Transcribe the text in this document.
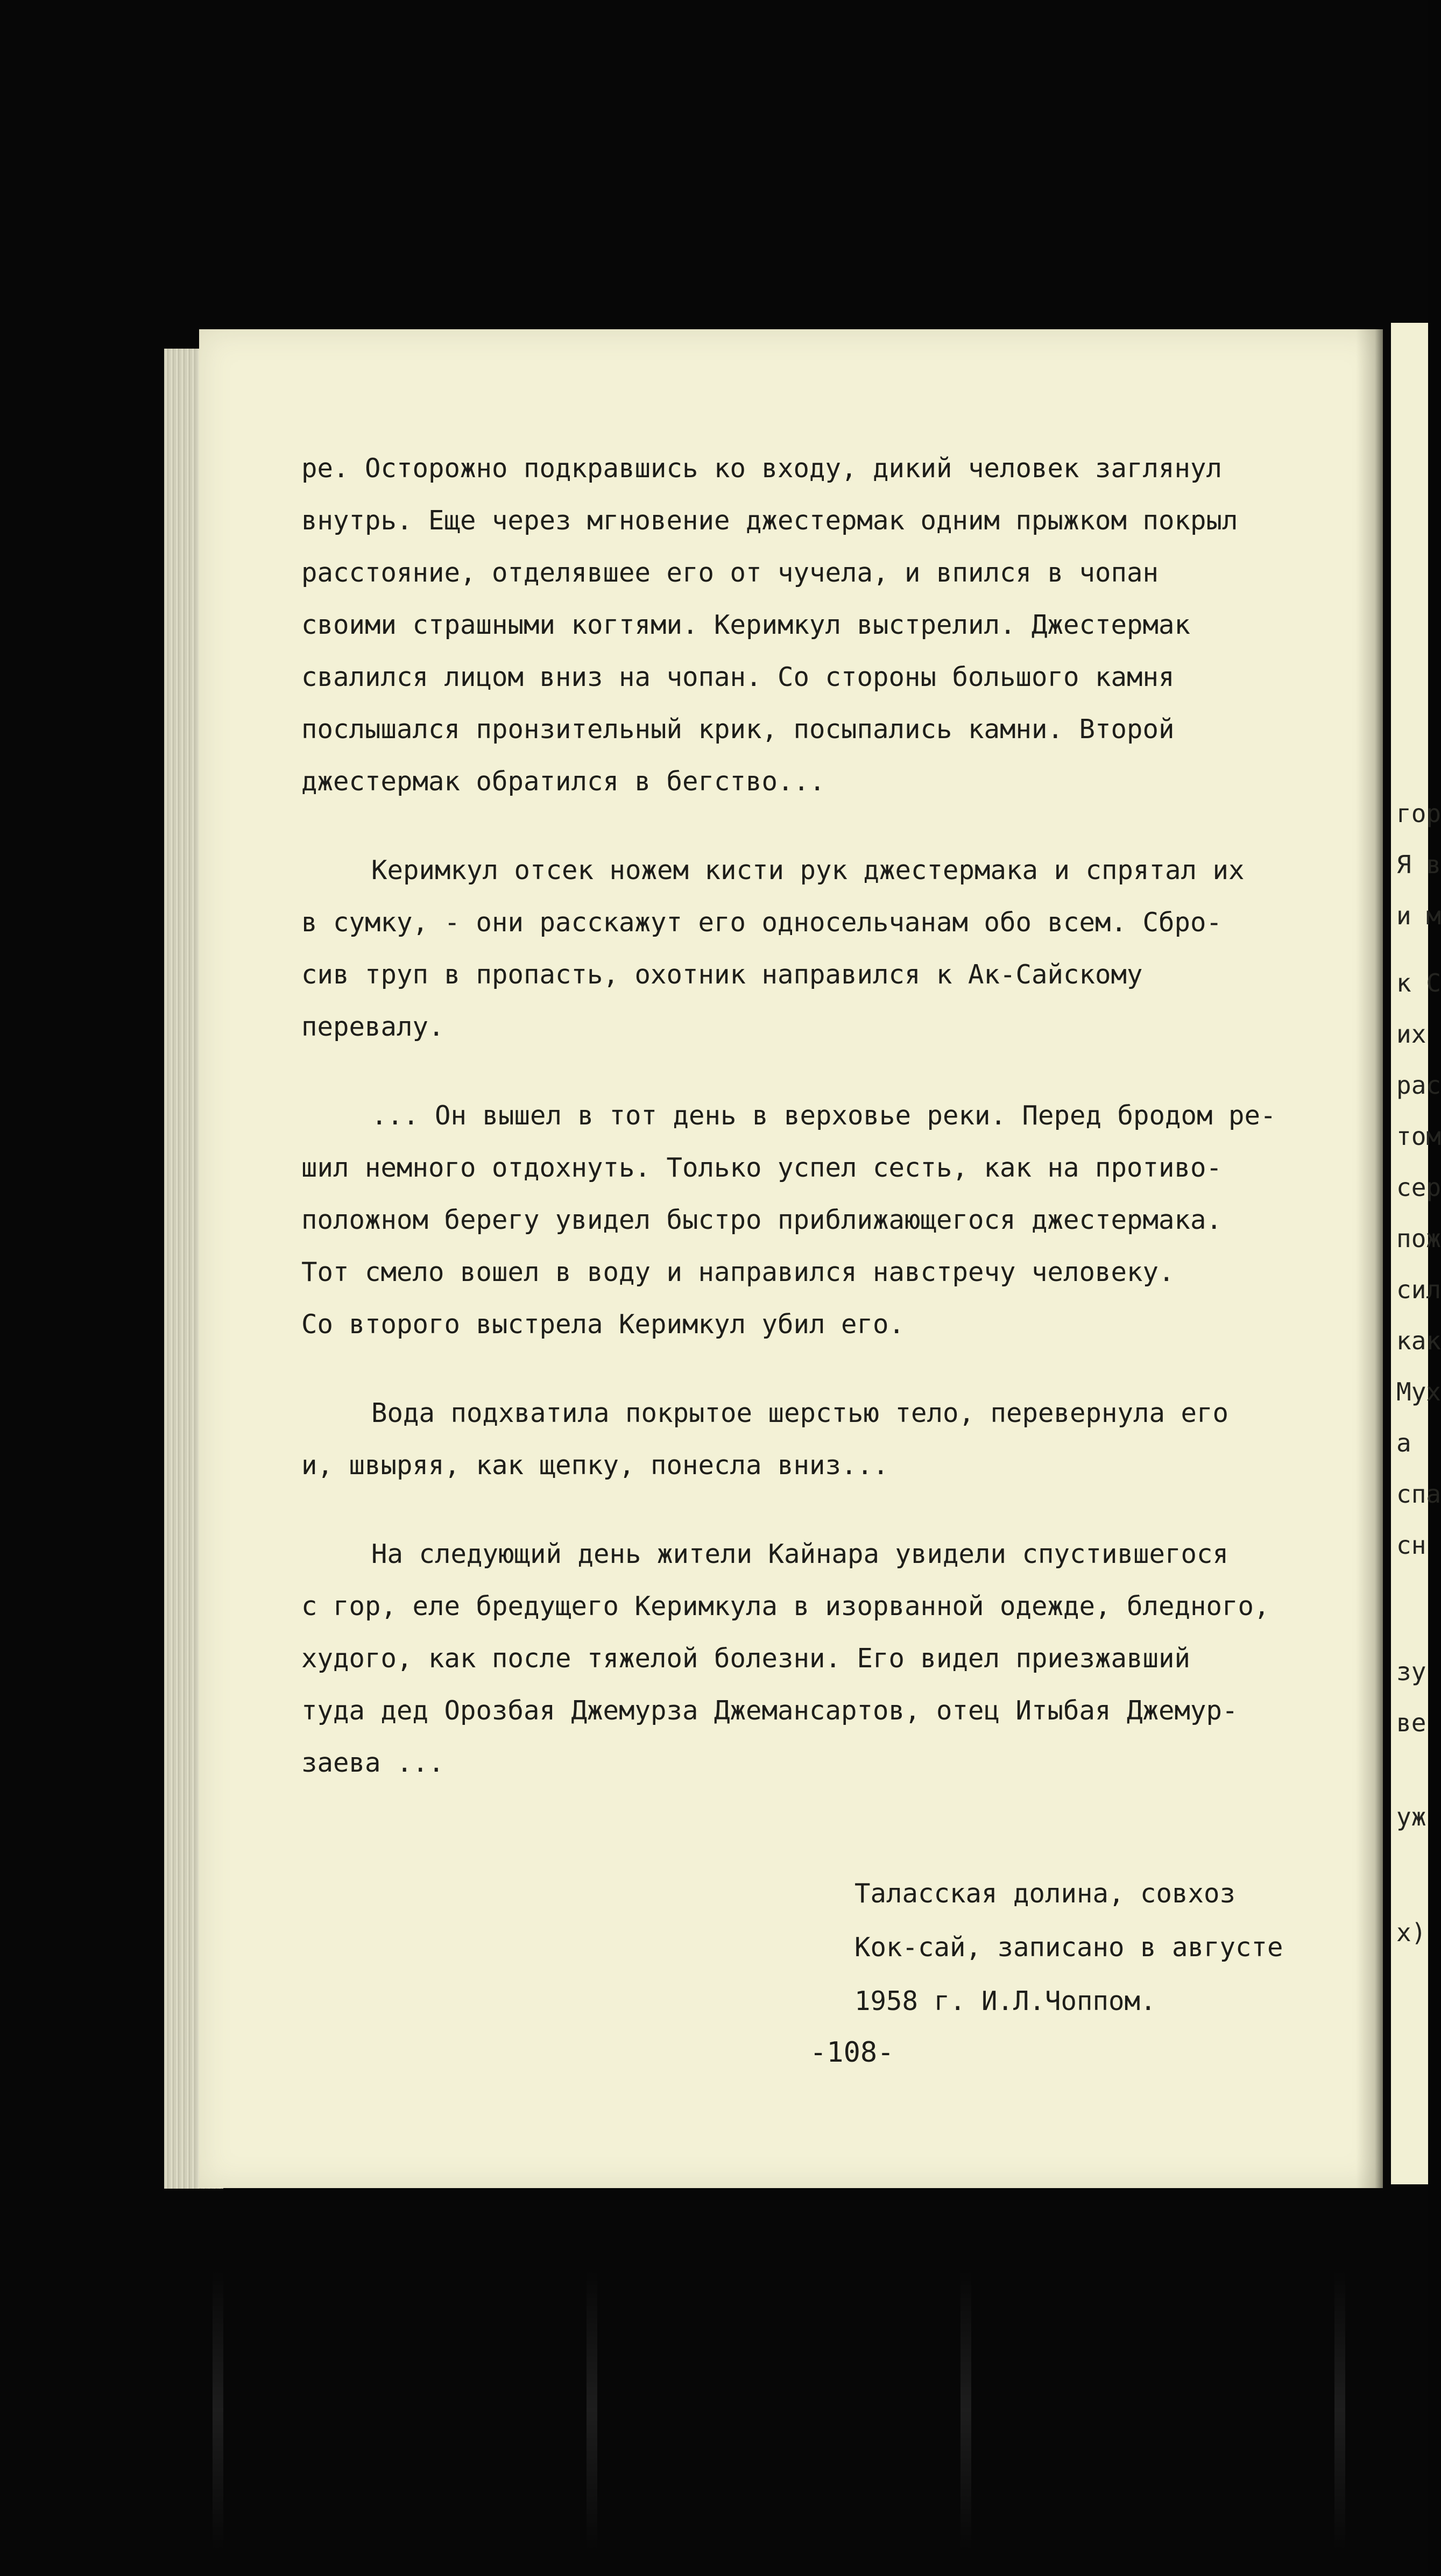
гор
Я в
и м
к С
их
рас
том
сер
пож
сил
как
Мух
а
спа
сн
зу
ве
уж
х)
ре. Осторожно подкравшись ко входу, дикий человек заглянул
внутрь. Еще через мгновение джестермак одним прыжком покрыл
расстояние, отделявшее его от чучела, и впился в чопан
своими страшными когтями. Керимкул выстрелил. Джестермак
свалился лицом вниз на чопан. Со стороны большого камня
послышался пронзительный крик, посыпались камни. Второй
джестермак обратился в бегство...
Керимкул отсек ножем кисти рук джестермака и спрятал их
в сумку, - они расскажут его односельчанам обо всем. Сбро-
сив труп в пропасть, охотник направился к Ак-Сайскому
перевалу.
... Он вышел в тот день в верховье реки. Перед бродом ре-
шил немного отдохнуть. Только успел сесть, как на противо-
положном берегу увидел быстро приближающегося джестермака.
Тот смело вошел в воду и направился навстречу человеку.
Со второго выстрела Керимкул убил его.
Вода подхватила покрытое шерстью тело, перевернула его
и, швыряя, как щепку, понесла вниз...
На следующий день жители Кайнара увидели спустившегося
с гор, еле бредущего Керимкула в изорванной одежде, бледного,
худого, как после тяжелой болезни. Его видел приезжавший
туда дед Орозбая Джемурза Джемансартов, отец Итыбая Джемур-
заева ...
Таласская долина, совхоз
Кок-сай, записано в августе
1958 г. И.Л.Чоппом.
-108-
